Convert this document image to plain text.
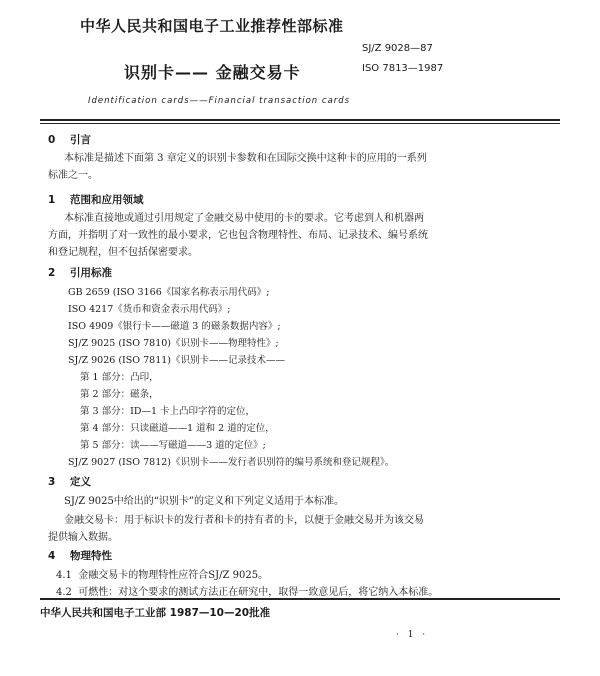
中华人民共和国电子工业推荐性部标准
识别卡—— 金融交易卡
SJ/Z 9028—87
ISO 7813—1987
Identification cards——Financial transaction cards
0 引言
本标准是描述下面第 3 章定义的识别卡参数和在国际交换中这种卡的应用的一系列
标准之一。
1 范围和应用领域
本标准直接地或通过引用规定了金融交易中使用的卡的要求。它考虑到人和机器两
方面，并指明了对一致性的最小要求，它也包含物理特性、布局、记录技术、编号系统
和登记规程，但不包括保密要求。
2 引用标准
GB 2659 (ISO 3166《国家名称表示用代码》;
ISO 4217《货币和资金表示用代码》;
ISO 4909《银行卡——磁道 3 的磁条数据内容》;
SJ/Z 9025 (ISO 7810)《识别卡——物理特性》;
SJ/Z 9026 (ISO 7811)《识别卡——记录技术——
第 1 部分：凸印，
第 2 部分：磁条，
第 3 部分：ID—1 卡上凸印字符的定位，
第 4 部分：只读磁道——1 道和 2 道的定位，
第 5 部分：读——写磁道——3 道的定位》;
SJ/Z 9027 (ISO 7812)《识别卡——发行者识别符的编号系统和登记规程》。
3 定义
SJ/Z 9025中给出的“识别卡”的定义和下列定义适用于本标准。
金融交易卡：用于标识卡的发行者和卡的持有者的卡，以便于金融交易并为该交易
提供输入数据。
4 物理特性
4.1 金融交易卡的物理特性应符合SJ/Z 9025。
4.2 可燃性：对这个要求的测试方法正在研究中，取得一致意见后，将它纳入本标准。
中华人民共和国电子工业部 1987—10—20批准
· 1 ·
